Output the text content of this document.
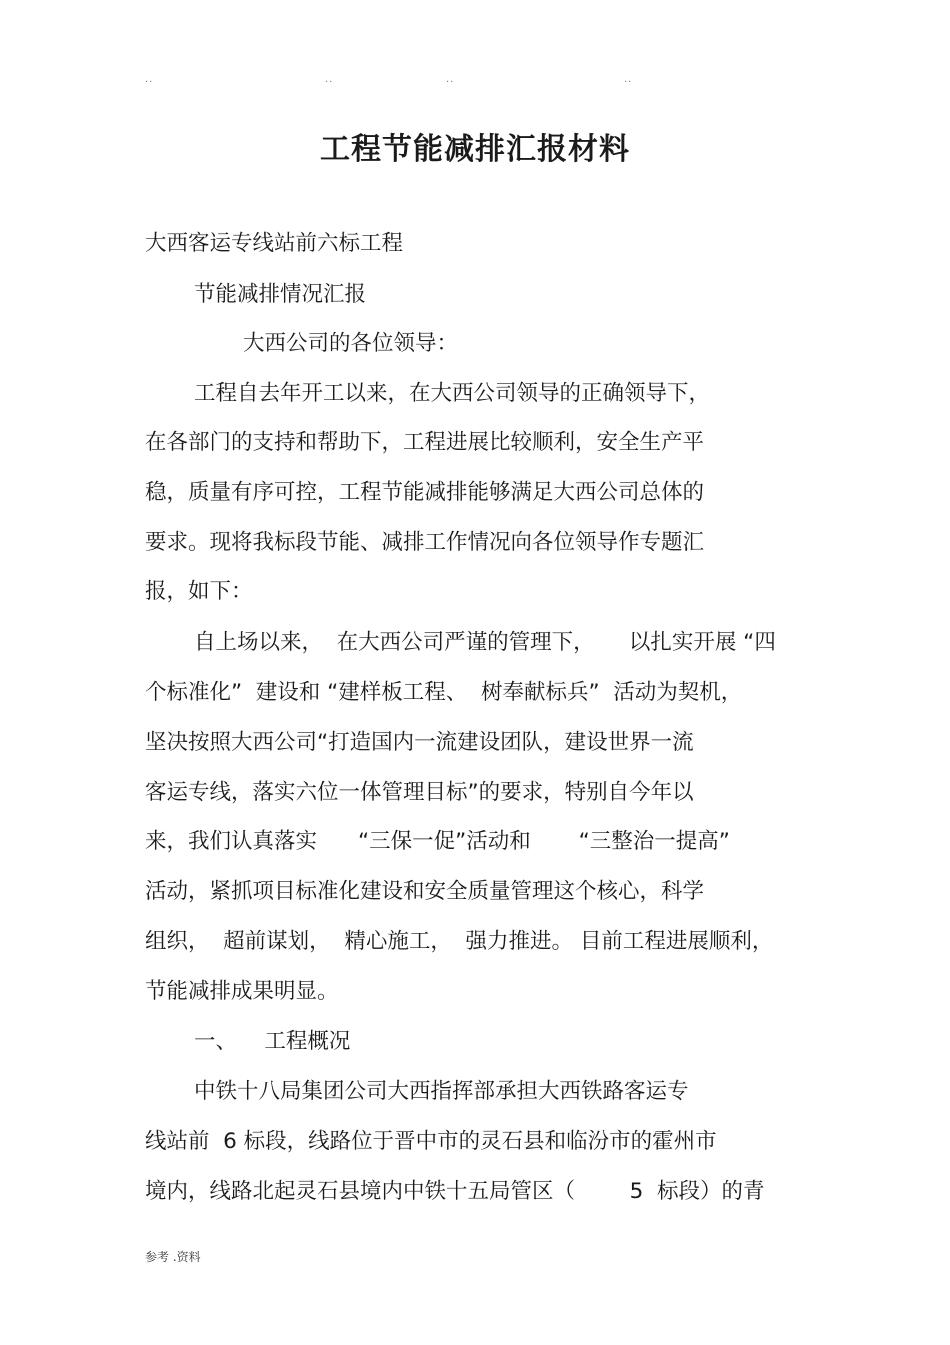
..	..	..	..
工程节能减排汇报材料
大西客运专线站前六标工程
节能减排情况汇报
大西公司的各位领导：
工程自去年开工以来，在大西公司领导的正确领导下，
在各部门的支持和帮助下，工程进展比较顺利，安全生产平
稳，质量有序可控，工程节能减排能够满足大西公司总体的
要求。现将我标段节能、减排工作情况向各位领导作专题汇
报，如下：
自上场以来，  在大西公司严谨的管理下，     以扎实开展 “四
个标准化”  建设和 “建样板工程、  树奉献标兵”  活动为契机，
坚决按照大西公司“打造国内一流建设团队，建设世界一流
客运专线，落实六位一体管理目标”的要求，特别自今年以
来，我们认真落实      “三保一促”活动和       “三整治一提高”
活动，紧抓项目标准化建设和安全质量管理这个核心，科学
组织，  超前谋划，  精心施工，  强力推进。 目前工程进展顺利，
节能减排成果明显。
一、    工程概况
中铁十八局集团公司大西指挥部承担大西铁路客运专
线站前  6 标段，线路位于晋中市的灵石县和临汾市的霍州市
境内，线路北起灵石县境内中铁十五局管区（        5  标段）的青
参考 .资料
